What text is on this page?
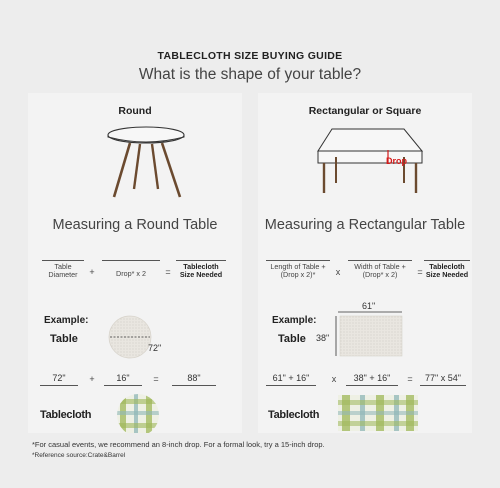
TABLECLOTH SIZE BUYING GUIDE
What is the shape of your table?
Round
Measuring a Round Table
Table Diameter	+	Drop* x 2	=
Tablecloth Size Needed
Example:
Table
72"
72"	+	16"	=	88"
Tablecloth
Rectangular or Square
Drop
Measuring a Rectangular Table
Length of Table + (Drop x 2)*	x
Width of Table + (Drop* x 2)	=
Tablecloth Size Needed
Example:
Table
61"
38"
61" + 16"	x	38" + 16"	=	77" x 54"
Tablecloth
*For casual events, we recommend an 8-inch drop. For a formal look, try a 15-inch drop.
*Reference source:Crate&Barrel
